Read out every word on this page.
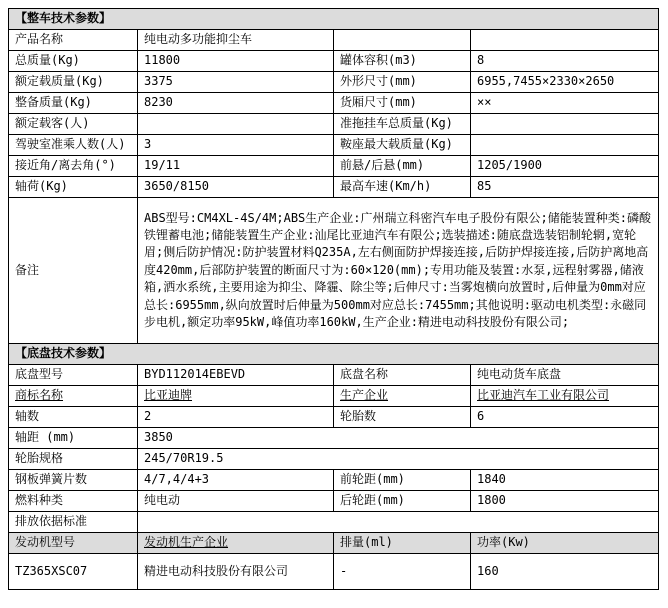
【整车技术参数】			
产品名称	纯电动多功能抑尘车		
总质量(Kg)	11800	罐体容积(m3)	8
额定载质量(Kg)	3375	外形尺寸(mm)	6955,7455×2330×2650
整备质量(Kg)	8230	货厢尺寸(mm)	××
额定载客(人)		准拖挂车总质量(Kg)	
驾驶室准乘人数(人)	3	鞍座最大载质量(Kg)	
接近角/离去角(°)	19/11	前悬/后悬(mm)	1205/1900
轴荷(Kg)	3650/8150	最高车速(Km/h)	85
备注	ABS型号:CM4XL-4S/4M;ABS生产企业:广州瑞立科密汽车电子股份有限公;储能装置种类:磷酸铁锂蓄电池;储能装置生产企业:汕尾比亚迪汽车有限公;选装描述:随底盘选装铝制轮辋,宽轮眉;侧后防护情况:防护装置材料Q235A,左右侧面防护焊接连接,后防护焊接连接,后防护离地高度420mm,后部防护装置的断面尺寸为:60×120(mm);专用功能及装置:水泵,远程射雾器,储液箱,洒水系统,主要用途为抑尘、降霾、除尘等;后伸尺寸:当雾炮横向放置时,后伸量为0mm对应总长:6955mm,纵向放置时后伸量为500mm对应总长:7455mm;其他说明:驱动电机类型:永磁同步电机,额定功率95kW,峰值功率160kW,生产企业:精进电动科技股份有限公司;		
【底盘技术参数】			
底盘型号	BYD112014EBEVD	底盘名称	纯电动货车底盘
商标名称	比亚迪牌	生产企业	比亚迪汽车工业有限公司
轴数	2	轮胎数	6
轴距 (mm)	3850		
轮胎规格	245/70R19.5		
钢板弹簧片数	4/7,4/4+3	前轮距(mm)	1840
燃料种类	纯电动	后轮距(mm)	1800
排放依据标准			
发动机型号	发动机生产企业	排量(ml)	功率(Kw)
TZ365XSC07	精进电动科技股份有限公司	-	160
